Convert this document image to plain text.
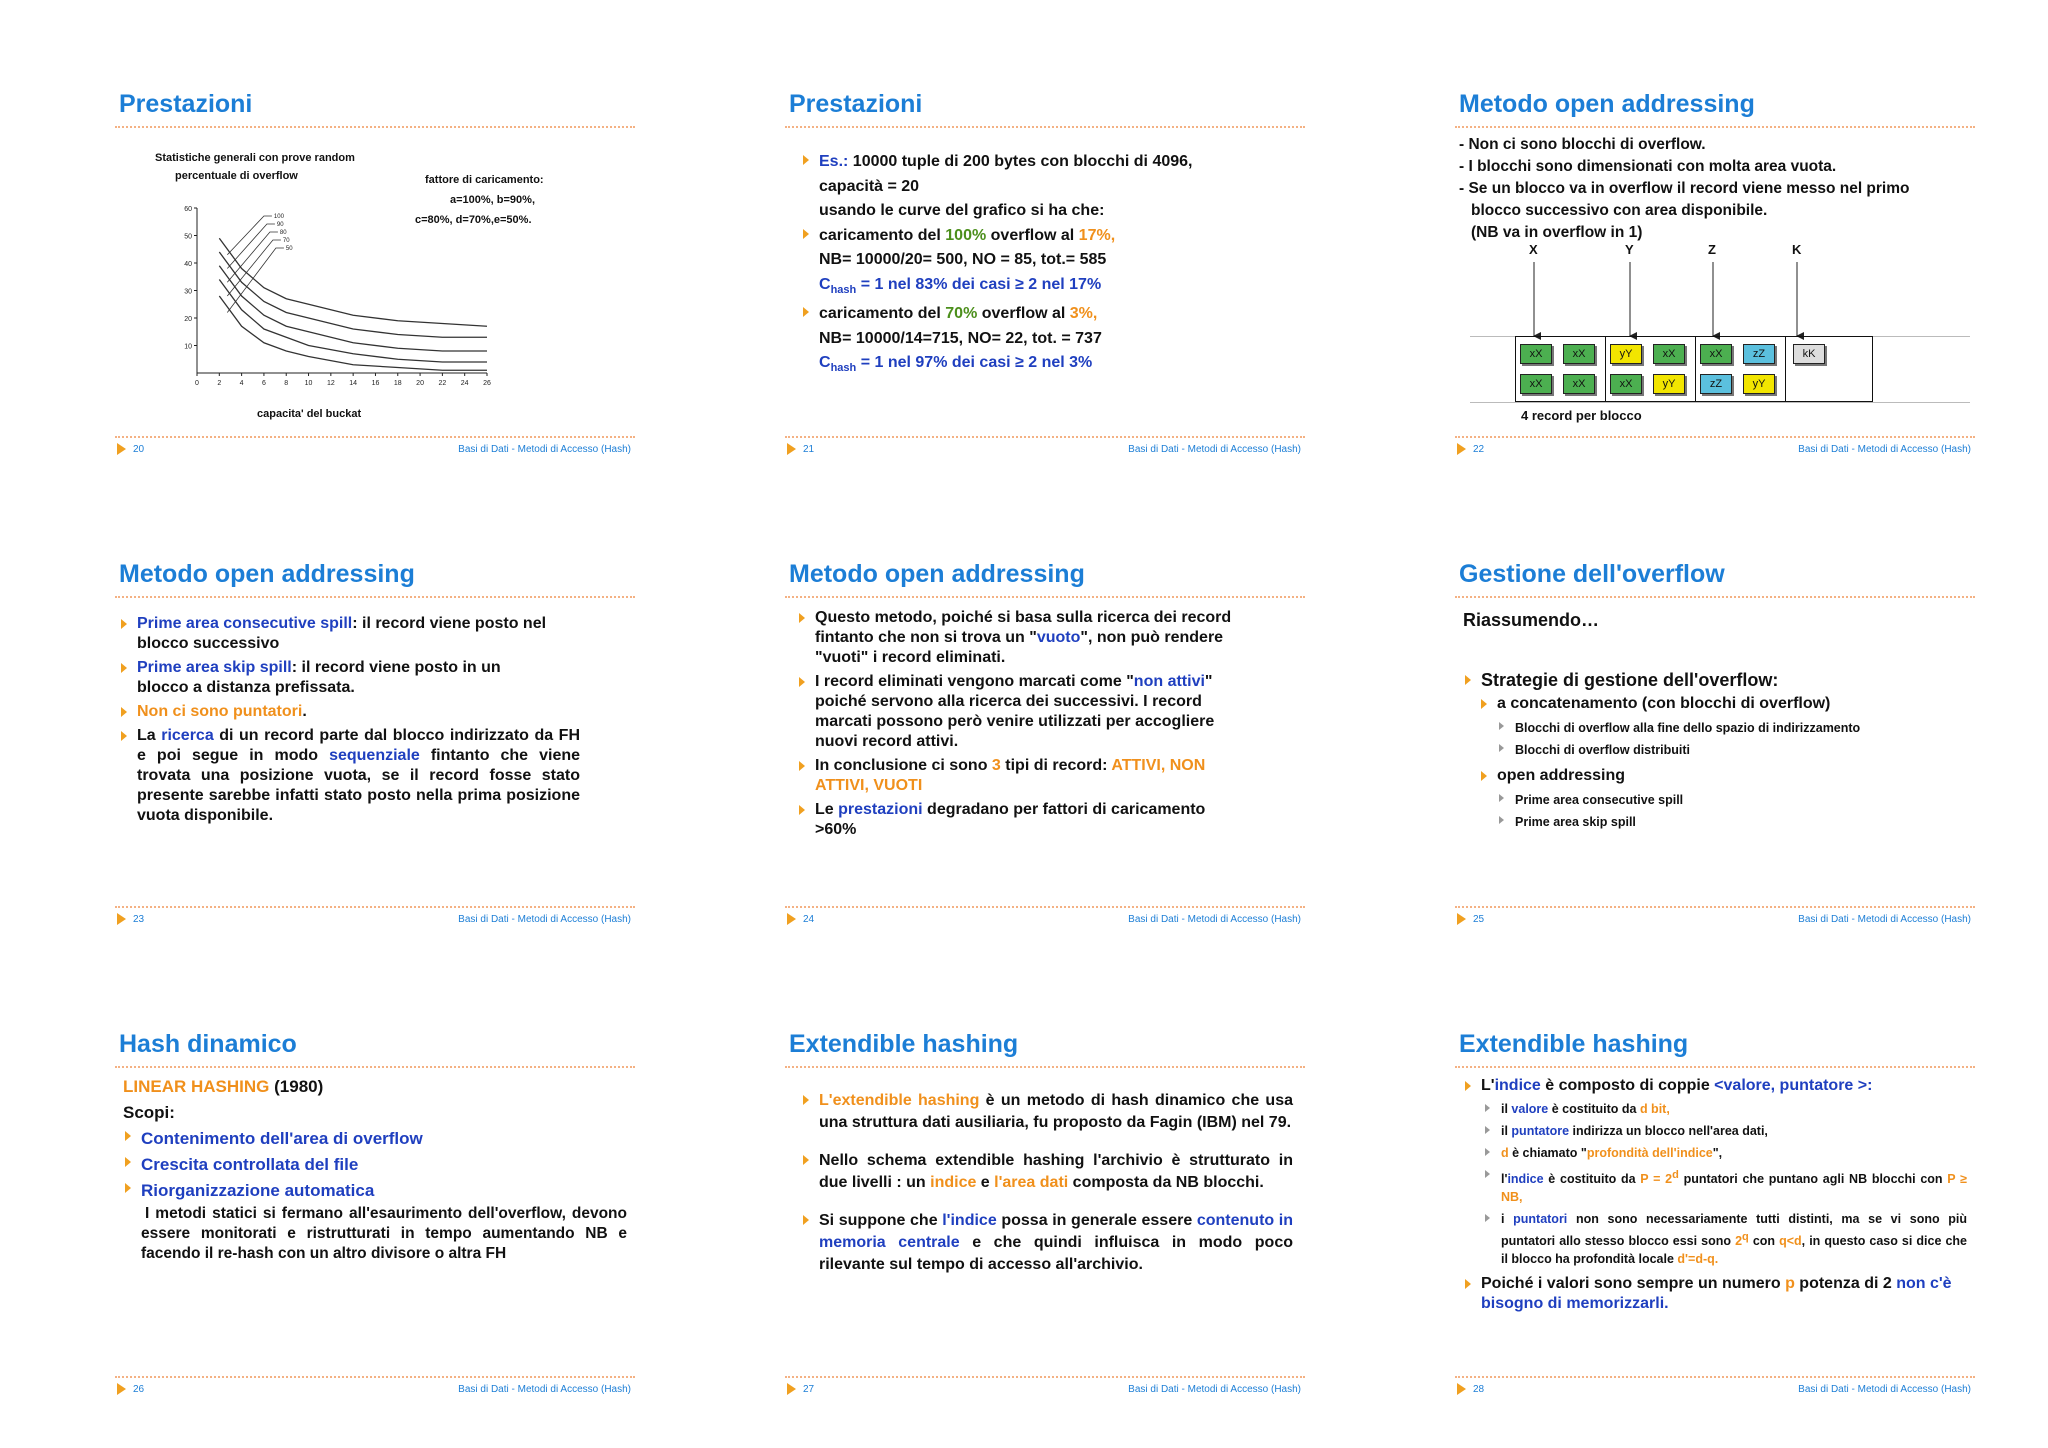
Prestazioni
Statistiche generali con prove random
percentuale di overflow	fattore di caricamento:
a=100%, b=90%,
c=80%, d=70%,e=50%.
0	2	4	6	8 10 12 14 16 18 20 22 24 26
10
20
30
40
50
60
100
90
80
70
50
capacita' del buckat
20	Basi di Dati - Metodi di Accesso (Hash)
Prestazioni
Es.: 10000 tuple di 200 bytes con blocchi di 4096,
capacità = 20
usando le curve del grafico si ha che:
caricamento del 100% overflow al 17%,
NB= 10000/20= 500, NO = 85, tot.= 585
$C_{hash} = 1$ nel 83% dei casi ≥ 2 nel 17%
caricamento del 70% overflow al 3%,
NB= 10000/14=715, NO= 22, tot. = 737
$C_{hash} = 1$ nel 97% dei casi ≥ 2 nel 3%
21	Basi di Dati - Metodi di Accesso (Hash)
Metodo open addressing
- Non ci sono blocchi di overflow.
- I blocchi sono dimensionati con molta area vuota.
- Se un blocco va in overflow il record viene messo nel primo
blocco successivo con area disponibile.
(NB va in overflow in 1)
X	Y	Z	K
xX	xX	yY	xX	xX	zZ	kK
xX	xX	xX	yY	zZ	yY
4 record per blocco
22	Basi di Dati - Metodi di Accesso (Hash)
Metodo open addressing
Prime area consecutive spill: il record viene posto nel
blocco successivo
Prime area skip spill: il record viene posto in un
blocco a distanza prefissata.
Non ci sono puntatori.
La ricerca di un record parte dal blocco indirizzato da FH e poi segue in modo sequenziale fintanto che viene trovata una posizione vuota, se il record fosse stato presente sarebbe infatti stato posto nella prima posizione vuota disponibile.
23	Basi di Dati - Metodi di Accesso (Hash)
Metodo open addressing
Questo metodo, poiché si basa sulla ricerca dei record fintanto che non si trova un "vuoto", non può rendere "vuoti" i record eliminati.
I record eliminati vengono marcati come "non attivi" poiché servono alla ricerca dei successivi. I record marcati possono però venire utilizzati per accogliere nuovi record attivi.
In conclusione ci sono 3 tipi di record: ATTIVI, NON ATTIVI, VUOTI
Le prestazioni degradano per fattori di caricamento >60%
24	Basi di Dati - Metodi di Accesso (Hash)
Gestione dell'overflow
Riassumendo…
Strategie di gestione dell'overflow:
a concatenamento (con blocchi di overflow)
Blocchi di overflow alla fine dello spazio di indirizzamento
Blocchi di overflow distribuiti
open addressing
Prime area consecutive spill
Prime area skip spill
25	Basi di Dati - Metodi di Accesso (Hash)
Hash dinamico
LINEAR HASHING (1980)
Scopi:
Contenimento dell'area di overflow
Crescita controllata del file
Riorganizzazione automatica
I metodi statici si fermano all'esaurimento dell'overflow, devono essere monitorati e ristrutturati in tempo aumentando NB e facendo il re-hash con un altro divisore o altra FH
26	Basi di Dati - Metodi di Accesso (Hash)
Extendible hashing
L'extendible hashing è un metodo di hash dinamico che usa una struttura dati ausiliaria, fu proposto da Fagin (IBM) nel 79.
Nello schema extendible hashing l'archivio è strutturato in due livelli : un indice e l'area dati composta da NB blocchi.
Si suppone che l'indice possa in generale essere contenuto in memoria centrale e che quindi influisca in modo poco rilevante sul tempo di accesso all'archivio.
27	Basi di Dati - Metodi di Accesso (Hash)
Extendible hashing
L'indice è composto di coppie <valore, puntatore >:
il valore è costituito da d bit,
il puntatore indirizza un blocco nell'area dati,
d è chiamato "profondità dell'indice",
l'indice è costituito da $P = 2^d$ puntatori che puntano agli NB blocchi con P ≥ NB,
i puntatori non sono necessariamente tutti distinti, ma se vi sono più puntatori allo stesso blocco essi sono 2$^q$ con q<d, in questo caso si dice che il blocco ha profondità locale d'=d-q.
Poiché i valori sono sempre un numero p potenza di 2 non c'è bisogno di memorizzarli.
28	Basi di Dati - Metodi di Accesso (Hash)
